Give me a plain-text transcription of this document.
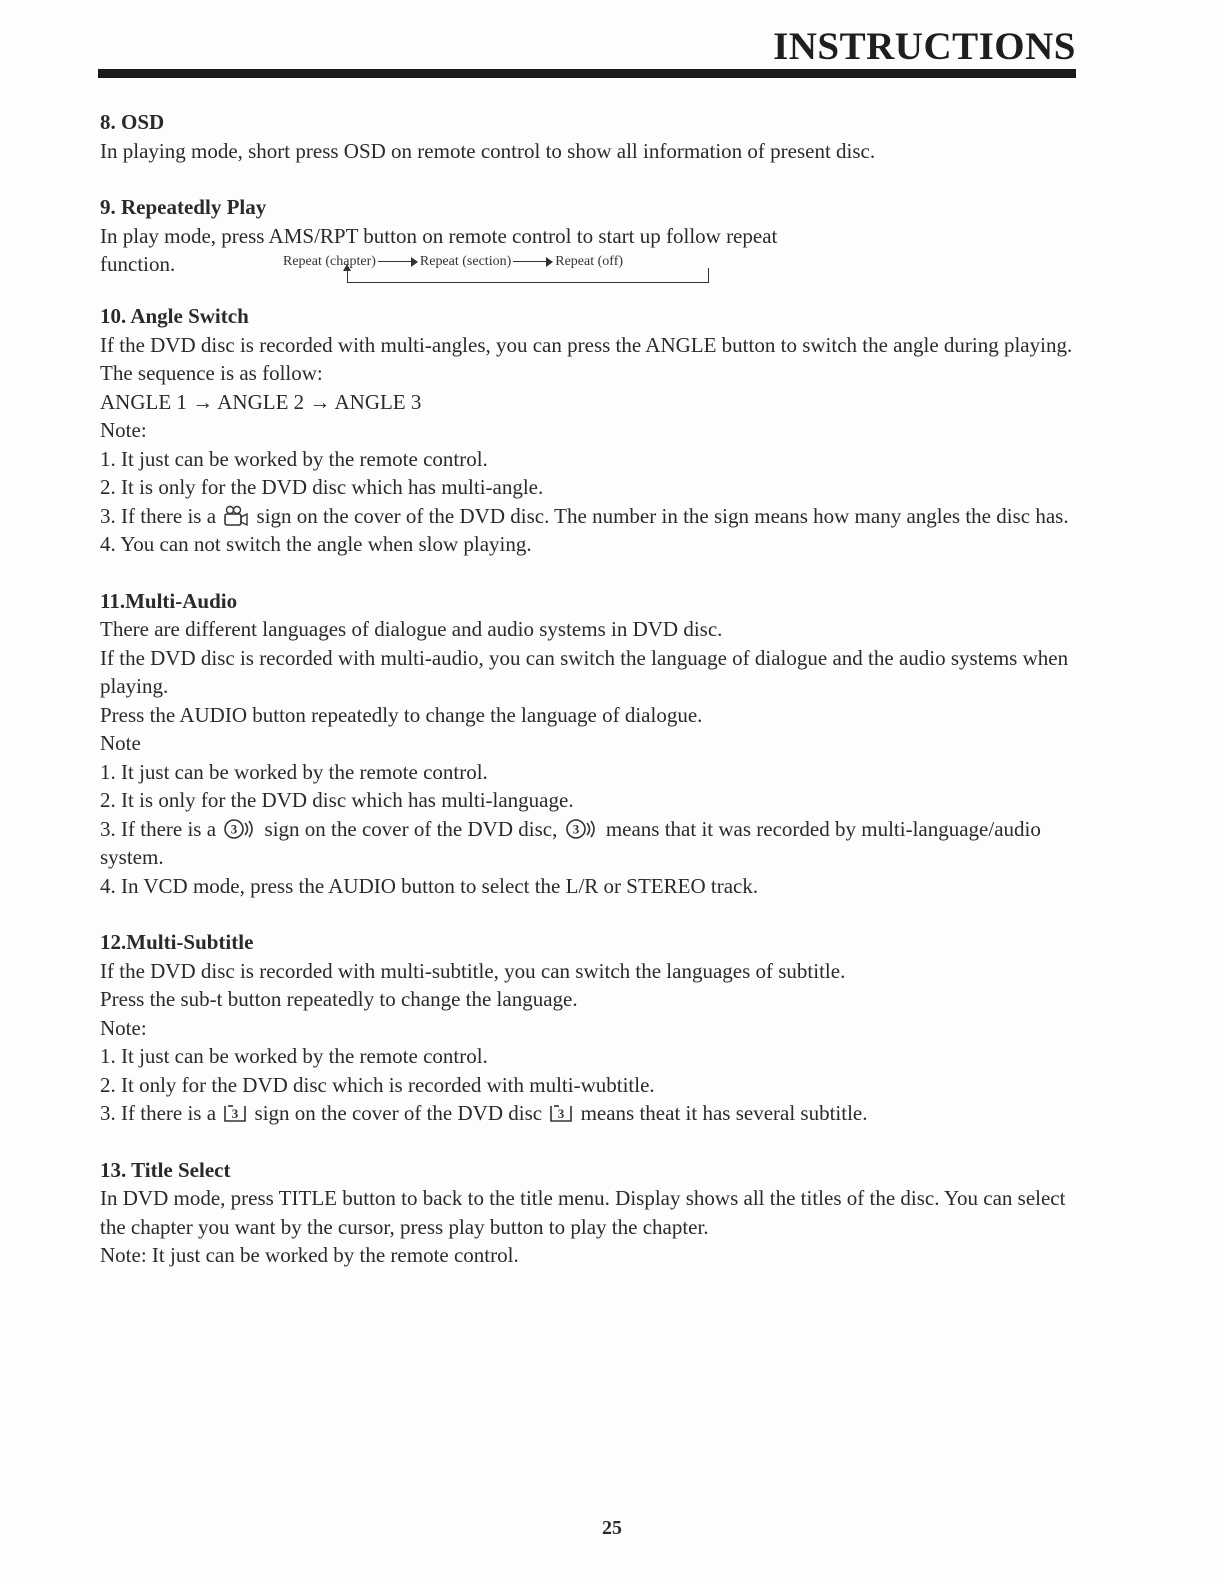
INSTRUCTIONS

8. OSD

In playing mode, short press OSD on remote control to show all information of present disc.

9. Repeatedly Play

In play mode, press AMS/RPT button on remote control to start up follow repeat

function.	Repeat (chapter)	Repeat (section)	Repeat (off)

10. Angle Switch

If the DVD disc is recorded with multi-angles, you can press the ANGLE button to switch the angle during playing.

The sequence is as follow:

ANGLE 1 → ANGLE 2 → ANGLE 3

Note:

1. It just can be worked by the remote control.

2. It is only for the DVD disc which has multi-angle.

3. If there is a sign on the cover of the DVD disc. The number in the sign means how many angles the disc has.

4. You can not switch the angle when slow playing.

11.Multi-Audio

There are different languages of dialogue and audio systems in DVD disc.

If the DVD disc is recorded with multi-audio, you can switch the language of dialogue and the audio systems when playing.

Press the AUDIO button repeatedly to change the language of dialogue.

Note

1. It just can be worked by the remote control.

2. It is only for the DVD disc which has multi-language.

3. If there is a 3 sign on the cover of the DVD disc, 3 means that it was recorded by multi-language/audio system.

4. In VCD mode, press the AUDIO button to select the L/R or STEREO track.

12.Multi-Subtitle

If the DVD disc is recorded with multi-subtitle, you can switch the languages of subtitle.

Press the sub-t button repeatedly to change the language.

Note:

1. It just can be worked by the remote control.

2. It only for the DVD disc which is recorded with multi-wubtitle.

3. If there is a 3 sign on the cover of the DVD disc 3 means theat it has several subtitle.

13. Title Select

In DVD mode, press TITLE button to back to the title menu. Display shows all the titles of the disc. You can select the chapter you want by the cursor, press play button to play the chapter.

Note: It just can be worked by the remote control.

25
